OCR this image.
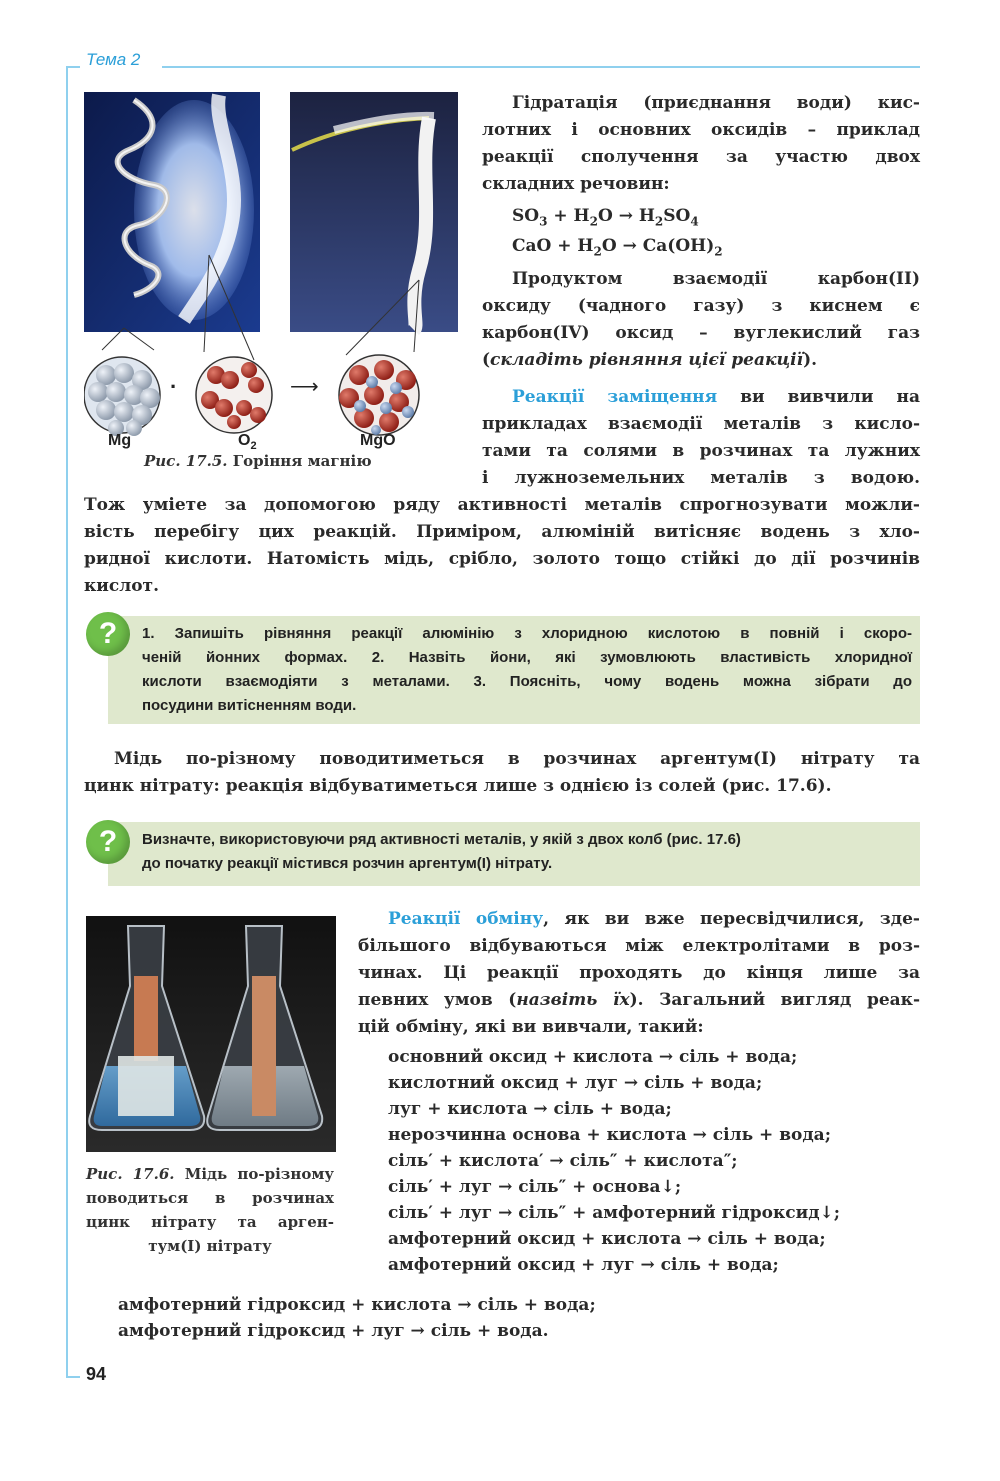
Тема 2
·	⟶
Mg	$O_2$	MgO
Рис. 17.5. Горіння магнію
Гідратація (приєднання води) кис-
лотних і основних оксидів – приклад
реакції сполучення за участю двох
складних речовин:
$SO_3 + H_2O \to H_2SO_4$
CaO + $H_2O \to Ca(OH)_2$
Продуктом взаємодії карбон(II)
оксиду (чадного газу) з киснем є
карбон(IV) оксид – вуглекислий газ
(складіть рівняння цієї реакції).
Реакції заміщення ви вивчили на
прикладах взаємодії металів з кисло-
тами та солями в розчинах та лужних
і лужноземельних металів з водою.
Тож уміете за допомогою ряду активності металів спрогнозувати можли-
вість перебігу цих реакцій. Приміром, алюміній витісняє водень з хло-
ридної кислоти. Натомість мідь, срібло, золото тощо стійкі до дії розчинів
кислот.
?	1. Запишіть рівняння реакції алюмінію з хлоридною кислотою в повній і скоро-
ченій йонних формах. 2. Назвіть йони, які зумовлюють властивість хлоридної
кислоти взаємодіяти з металами. 3. Поясніть, чому водень можна зібрати до
посудини витісненням води.
Мідь по-різному поводитиметься в розчинах аргентум(I) нітрату та
цинк нітрату: реакція відбуватиметься лише з однією із солей (рис. 17.6).
?	Визначте, використовуючи ряд активності металів, у якій з двох колб (рис. 17.6)
до початку реакції містився розчин аргентум(I) нітрату.
Рис. 17.6. Мідь по-різному
поводиться в розчинах
цинк нітрату та арген-
тум(I) нітрату
Реакції обміну, як ви вже пересвідчилися, зде-
більшого відбуваються між електролітами в роз-
чинах. Ці реакції проходять до кінця лише за
певних умов (назвіть їх). Загальний вигляд реак-
цій обміну, які ви вивчали, такий:
основний оксид + кислота → сіль + вода;
кислотний оксид + луг → сіль + вода;
луг + кислота → сіль + вода;
нерозчинна основа + кислота → сіль + вода;
сіль′ + кислота′ → сіль″ + кислота″;
сіль′ + луг → сіль″ + основа↓;
сіль′ + луг → сіль″ + амфотерний гідроксид↓;
амфотерний оксид + кислота → сіль + вода;
амфотерний оксид + луг → сіль + вода;
амфотерний гідроксид + кислота → сіль + вода;
амфотерний гідроксид + луг → сіль + вода.
94
